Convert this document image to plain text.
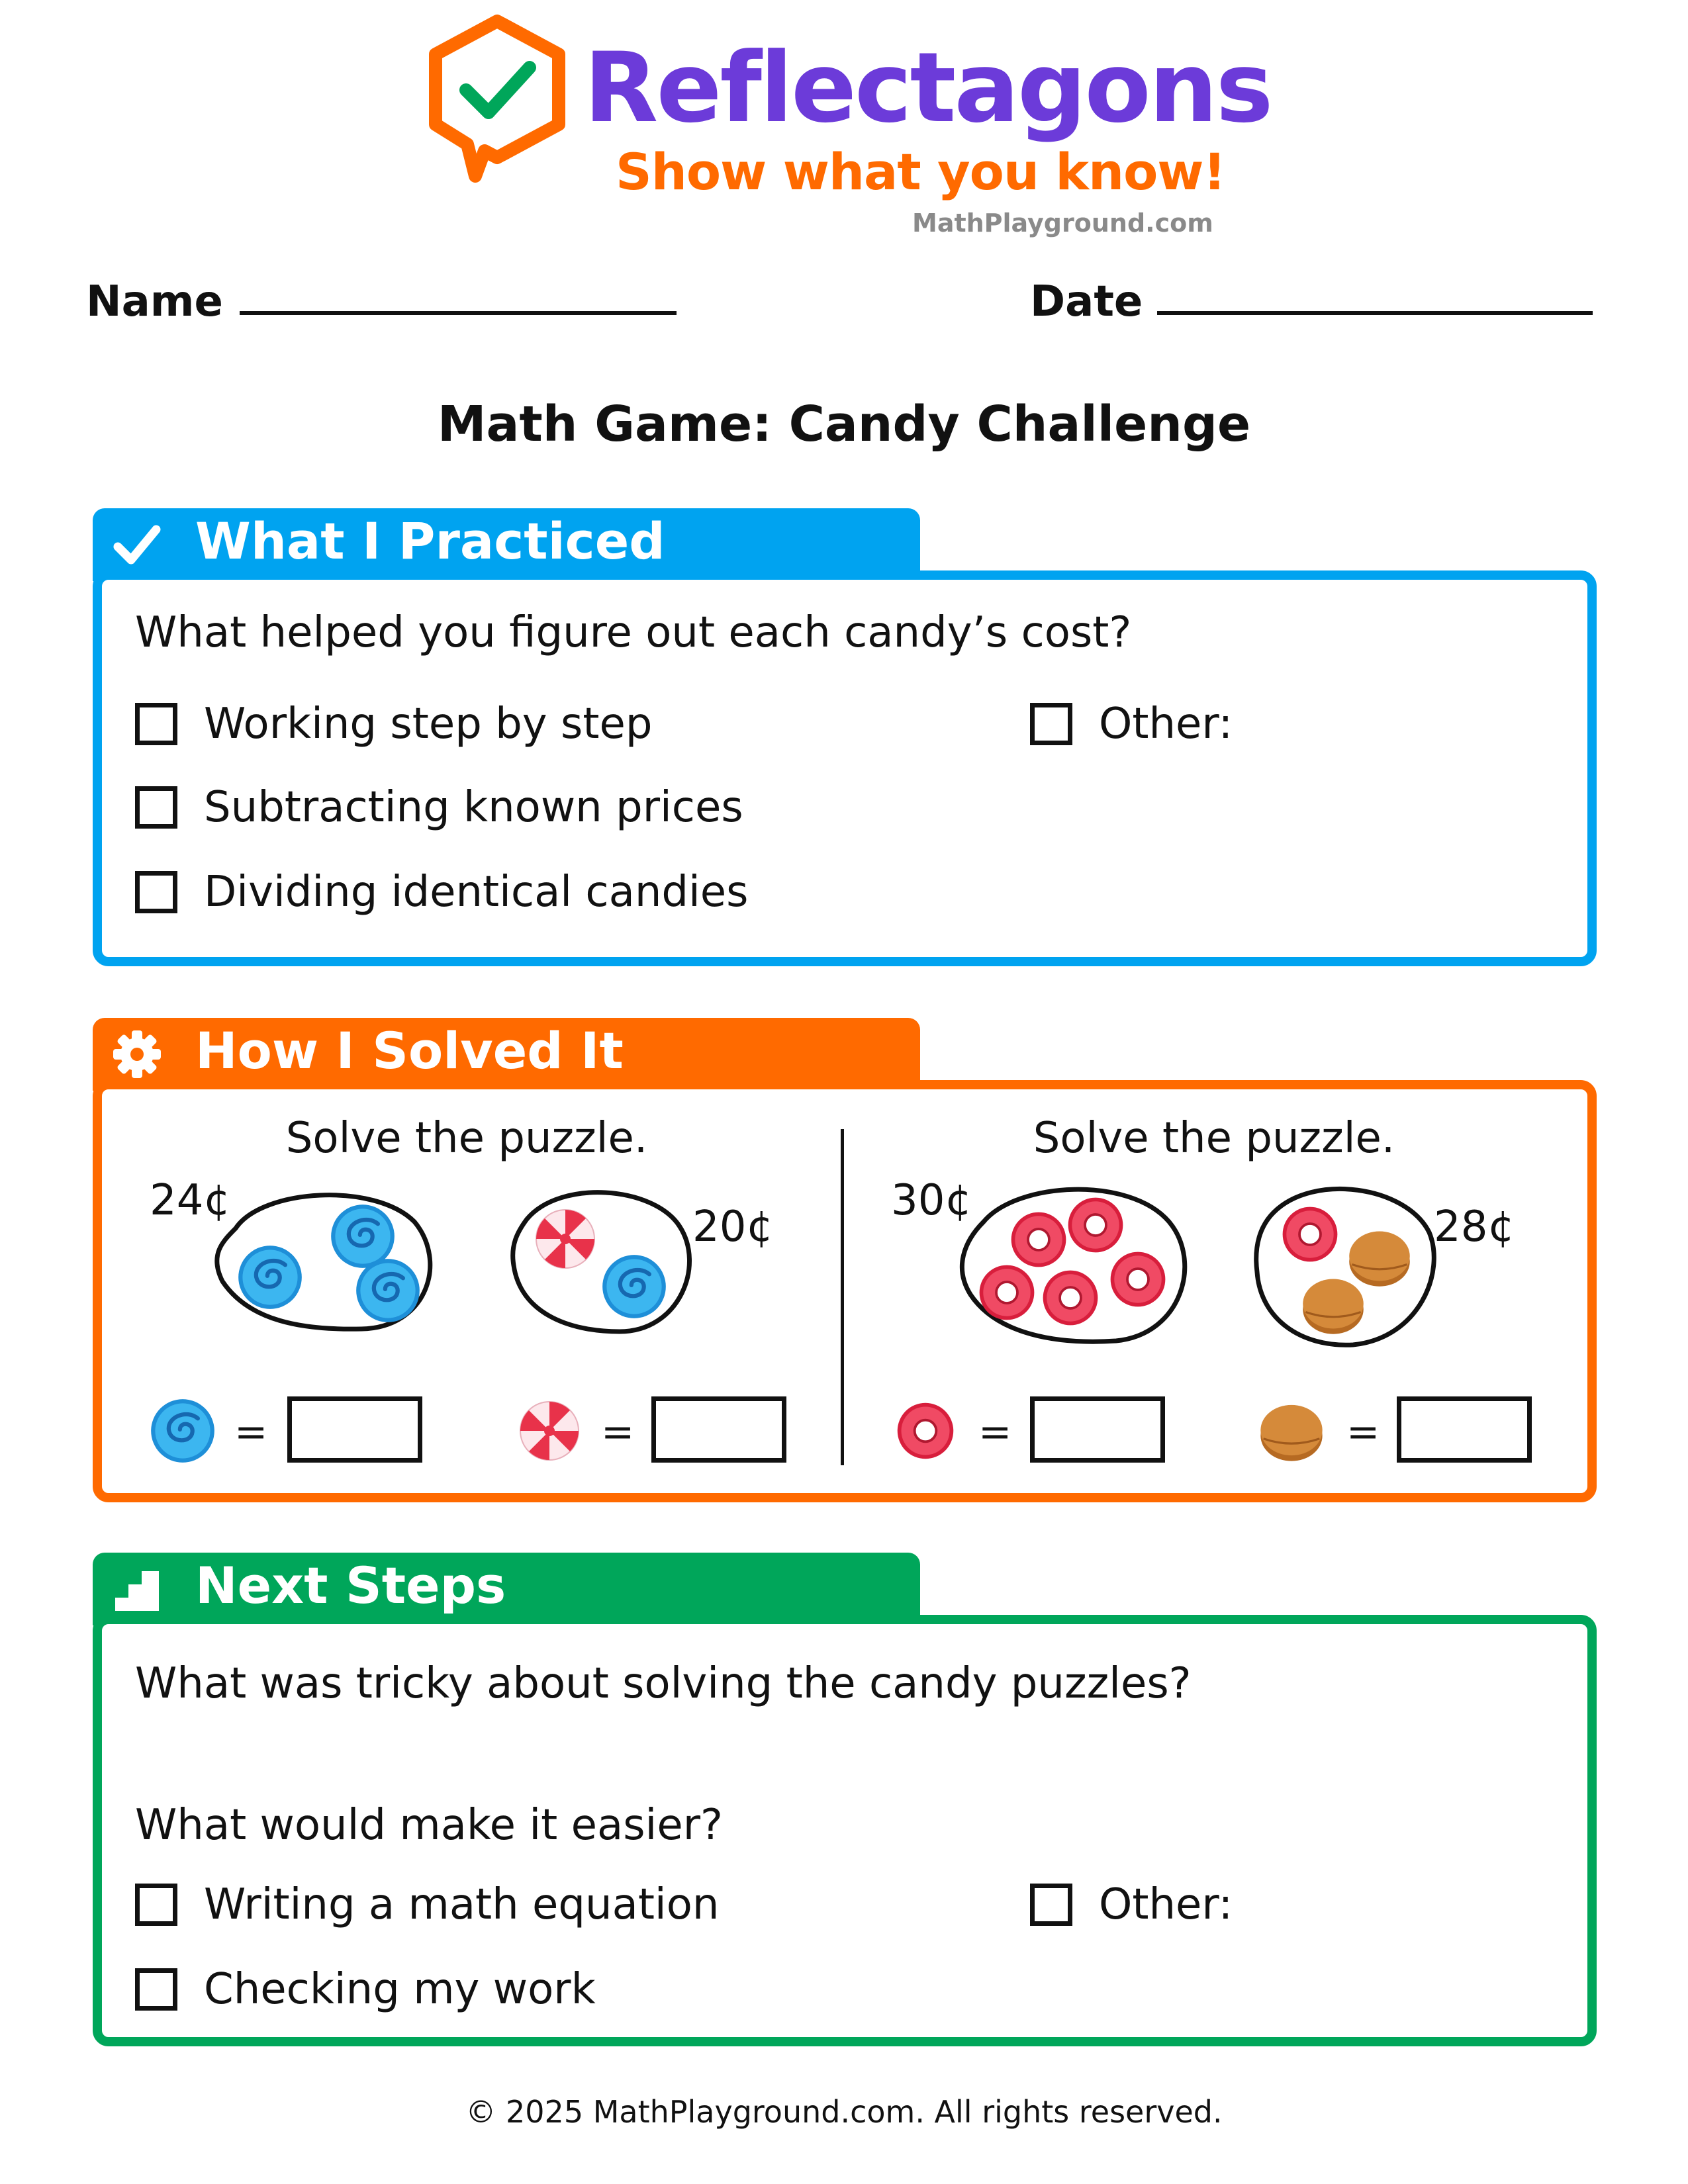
Reflectagons
Show what you know!
MathPlayground.com
Name	Date
Math Game: Candy Challenge
What I Practiced
What helped you figure out each candy’s cost?
Working step by step
Subtracting known prices
Dividing identical candies
Other:
How I Solved It
Solve the puzzle.
24¢
20¢
=	=
Solve the puzzle.
30¢
28¢
=	=
Next Steps
What was tricky about solving the candy puzzles?
What would make it easier?
Writing a math equation
Checking my work
Other:
© 2025 MathPlayground.com. All rights reserved.
